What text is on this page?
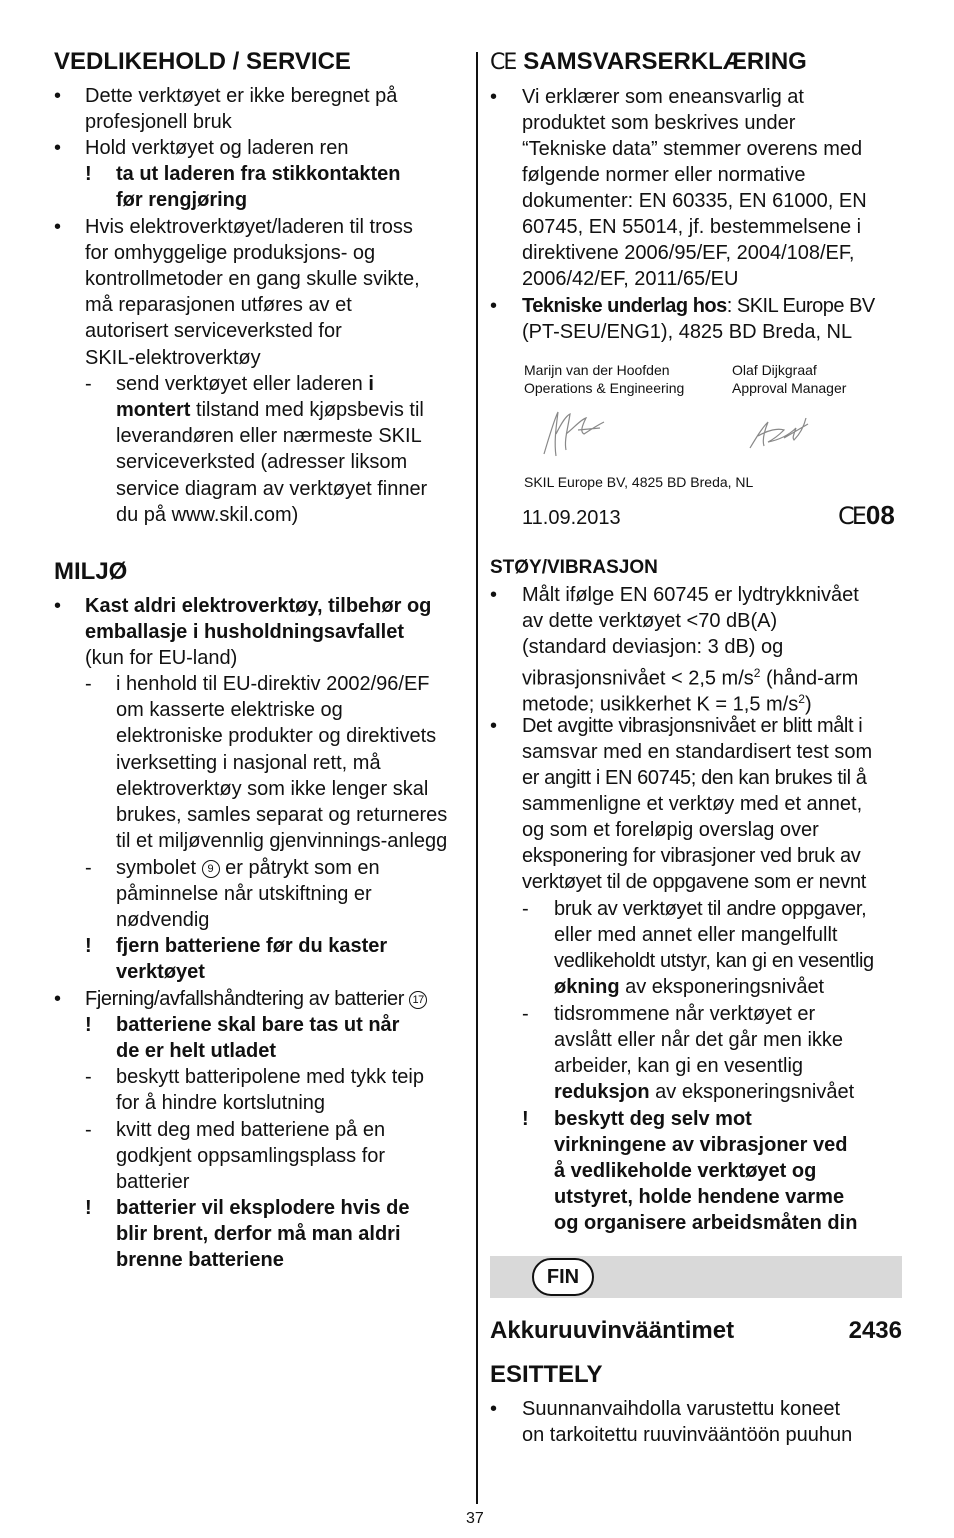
VEDLIKEHOLD / SERVICE
• Dette verktøyet er ikke beregnet på
profesjonell bruk
• Hold verktøyet og laderen ren
! ta ut laderen fra stikkontakten
før rengjøring
• Hvis elektroverktøyet/laderen til tross
for omhyggelige produksjons- og
kontrollmetoder en gang skulle svikte,
må reparasjonen utføres av et
autorisert serviceverksted for
SKIL-elektroverktøy
- send verktøyet eller laderen i
montert tilstand med kjøpsbevis til
leverandøren eller nærmeste SKIL
serviceverksted (adresser liksom
service diagram av verktøyet finner
du på www.skil.com)
MILJØ
• Kast aldri elektroverktøy, tilbehør og
emballasje i husholdningsavfallet
(kun for EU-land)
- i henhold til EU-direktiv 2002/96/EF
om kasserte elektriske og
elektroniske produkter og direktivets
iverksetting i nasjonal rett, må
elektroverktøy som ikke lenger skal
brukes, samles separat og returneres
til et miljøvennlig gjenvinnings-anlegg
- symbolet 9 er påtrykt som en
påminnelse når utskiftning er
nødvendig
! fjern batteriene før du kaster
verktøyet
• Fjerning/avfallshåndtering av batterier 17
! batteriene skal bare tas ut når
de er helt utladet
- beskytt batteripolene med tykk teip
for å hindre kortslutning
- kvitt deg med batteriene på en
godkjent oppsamlingsplass for
batterier
! batterier vil eksplodere hvis de
blir brent, derfor må man aldri
brenne batteriene
CE SAMSVARSERKLÆRING
• Vi erklærer som eneansvarlig at
produktet som beskrives under
“Tekniske data” stemmer overens med
følgende normer eller normative
dokumenter: EN 60335, EN 61000, EN
60745, EN 55014, jf. bestemmelsene i
direktivene 2006/95/EF, 2004/108/EF,
2006/42/EF, 2011/65/EU
• Tekniske underlag hos: SKIL Europe BV
(PT-SEU/ENG1), 4825 BD Breda, NL
Marijn van der Hoofden
Operations & Engineering
Olaf Dijkgraaf
Approval Manager
SKIL Europe BV, 4825 BD Breda, NL
11.09.2013	CE08
STØY/VIBRASJON
• Målt ifølge EN 60745 er lydtrykknivået
av dette verktøyet <70 dB(A)
(standard deviasjon: 3 dB) og
vibrasjonsnivået < 2,5 $m/s^2$ (hånd-arm
metode; usikkerhet K = 1,5 $m/s^2$)
• Det avgitte vibrasjonsnivået er blitt målt i
samsvar med en standardisert test som
er angitt i EN 60745; den kan brukes til å
sammenligne et verktøy med et annet,
og som et foreløpig overslag over
eksponering for vibrasjoner ved bruk av
verktøyet til de oppgavene som er nevnt
- bruk av verktøyet til andre oppgaver,
eller med annet eller mangelfullt
vedlikeholdt utstyr, kan gi en vesentlig
økning av eksponeringsnivået
- tidsrommene når verktøyet er
avslått eller når det går men ikke
arbeider, kan gi en vesentlig
reduksjon av eksponeringsnivået
! beskytt deg selv mot
virkningene av vibrasjoner ved
å vedlikeholde verktøyet og
utstyret, holde hendene varme
og organisere arbeidsmåten din
FIN
Akkuruuvinvääntimet	2436
ESITTELY
• Suunnanvaihdolla varustettu koneet
on tarkoitettu ruuvinvääntöön puuhun
37
